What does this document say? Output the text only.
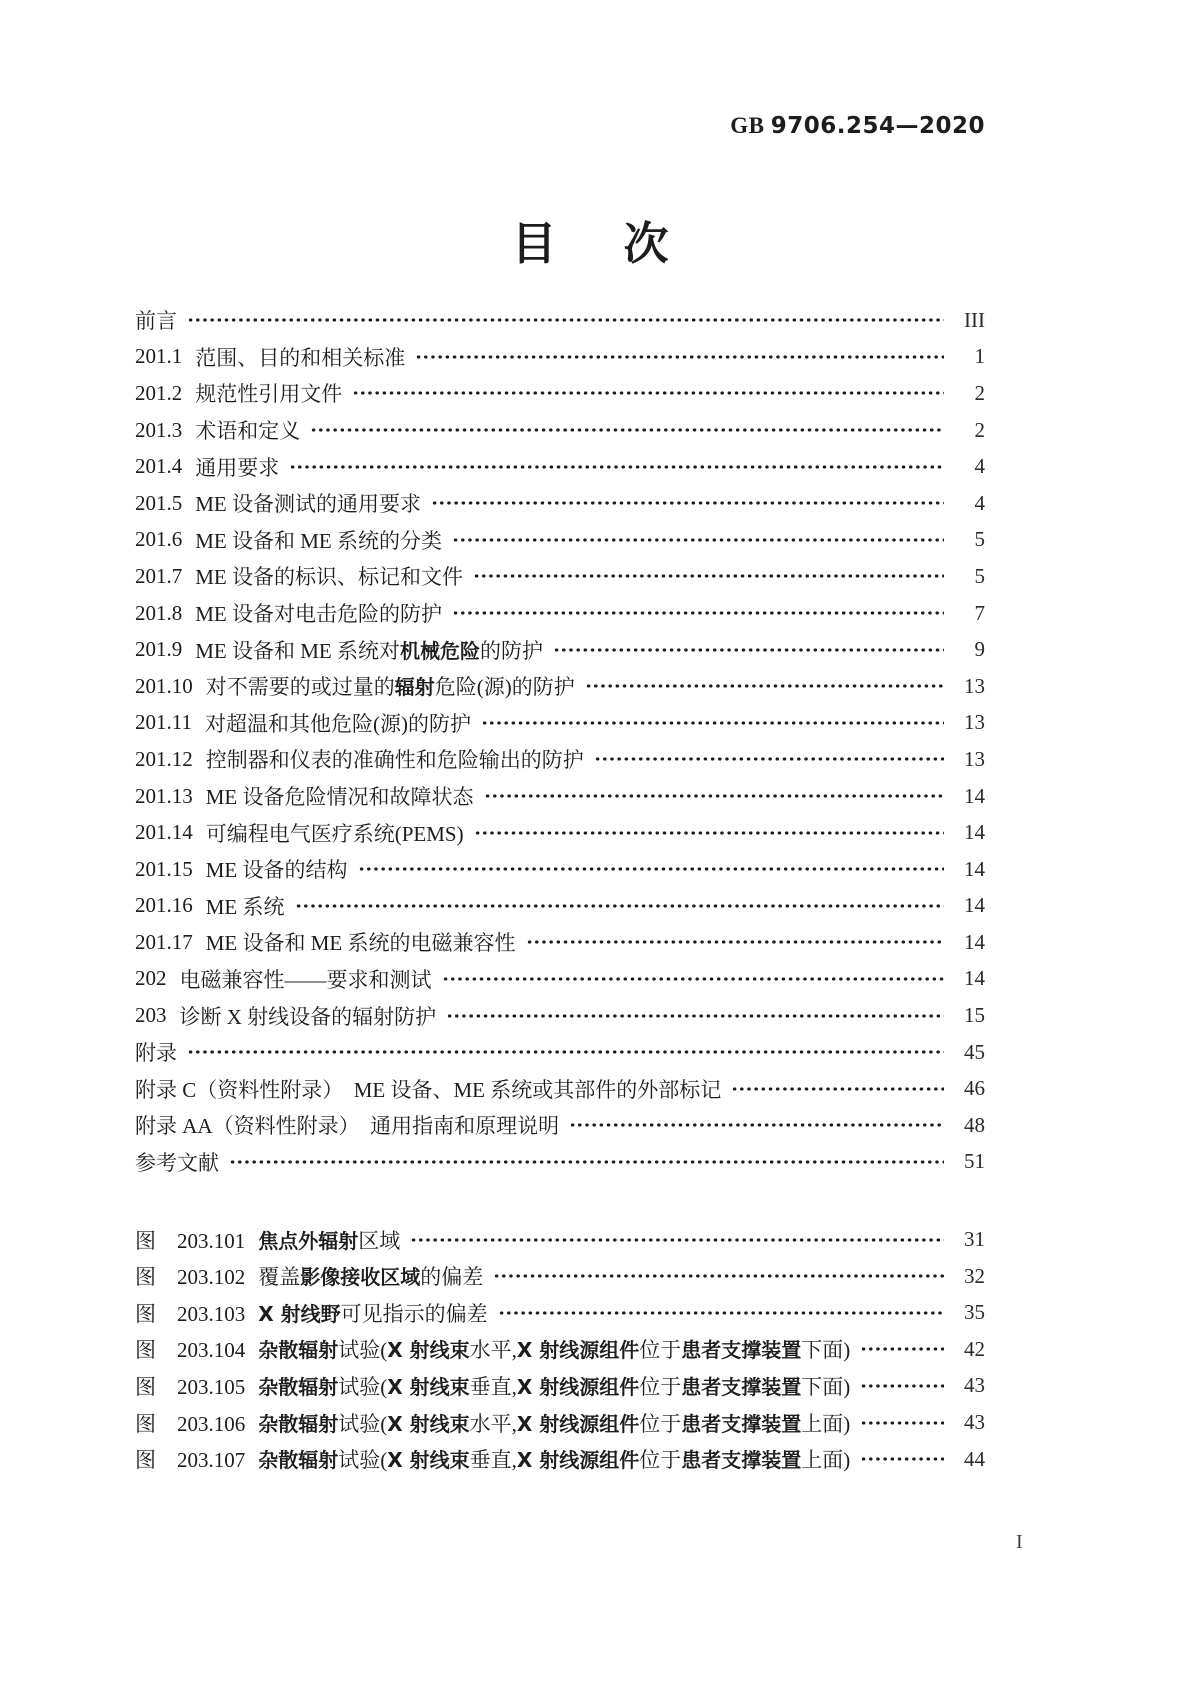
GB 9706.254—2020
目　次
前言	III
201.1 范围、目的和相关标准	1
201.2 规范性引用文件	2
201.3 术语和定义	2
201.4 通用要求	4
201.5 ME 设备测试的通用要求	4
201.6 ME 设备和 ME 系统的分类	5
201.7 ME 设备的标识、标记和文件	5
201.8 ME 设备对电击危险的防护	7
201.9 ME 设备和 ME 系统对机械危险的防护	9
201.10 对不需要的或过量的辐射危险(源)的防护	13
201.11 对超温和其他危险(源)的防护	13
201.12 控制器和仪表的准确性和危险输出的防护	13
201.13 ME 设备危险情况和故障状态	14
201.14 可编程电气医疗系统(PEMS)	14
201.15 ME 设备的结构	14
201.16 ME 系统	14
201.17 ME 设备和 ME 系统的电磁兼容性	14
202 电磁兼容性——要求和测试	14
203 诊断 X 射线设备的辐射防护	15
附录	45
附录 C（资料性附录）　ME 设备、ME 系统或其部件的外部标记	46
附录 AA（资料性附录）　通用指南和原理说明	48
参考文献	51
图　203.101 焦点外辐射区域	31
图　203.102 覆盖影像接收区域的偏差	32
图　203.103 X 射线野可见指示的偏差	35
图　203.104 杂散辐射试验(X 射线束水平,X 射线源组件位于患者支撑装置下面)	42
图　203.105 杂散辐射试验(X 射线束垂直,X 射线源组件位于患者支撑装置下面)	43
图　203.106 杂散辐射试验(X 射线束水平,X 射线源组件位于患者支撑装置上面)	43
图　203.107 杂散辐射试验(X 射线束垂直,X 射线源组件位于患者支撑装置上面)	44
I
